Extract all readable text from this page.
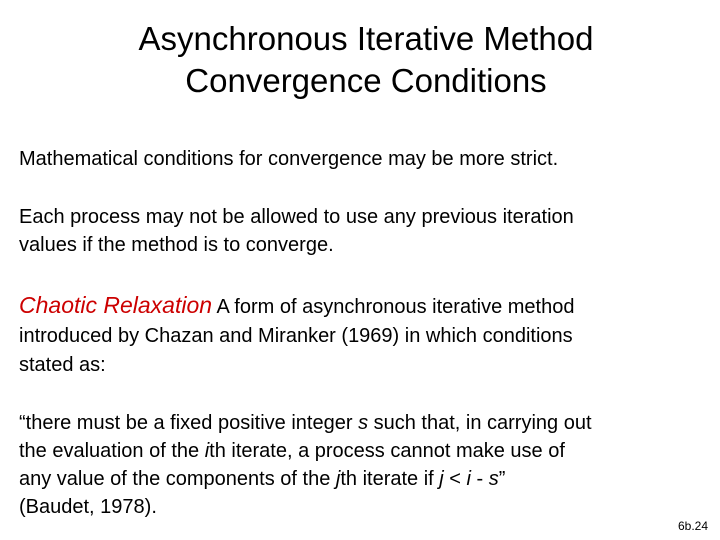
Asynchronous Iterative Method
Convergence Conditions

Mathematical conditions for convergence may be more strict.

Each process may not be allowed to use any previous iteration
values if the method is to converge.

Chaotic Relaxation A form of asynchronous iterative method
introduced by Chazan and Miranker (1969) in which conditions
stated as:

“there must be a fixed positive integer s such that, in carrying out
the evaluation of the ith iterate, a process cannot make use of
any value of the components of the jth iterate if j < i - s”
(Baudet, 1978).

6b.24
